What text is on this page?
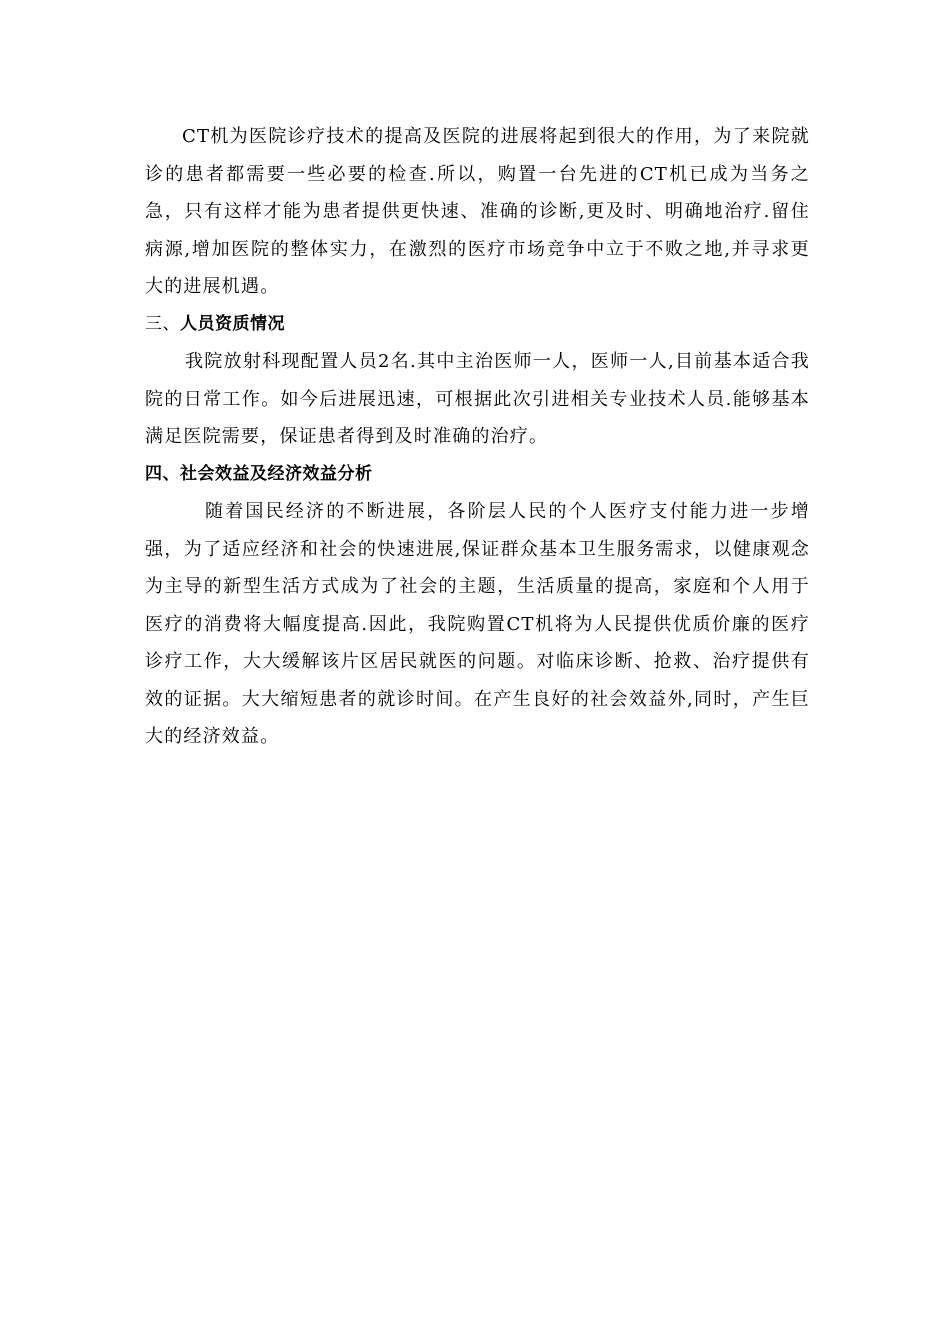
CT机为医院诊疗技术的提高及医院的进展将起到很大的作用，为了来院就诊的患者都需要一些必要的检查.所以，购置一台先进的CT机已成为当务之急，只有这样才能为患者提供更快速、准确的诊断,更及时、明确地治疗.留住病源,增加医院的整体实力，在激烈的医疗市场竞争中立于不败之地,并寻求更大的进展机遇。

三、人员资质情况

我院放射科现配置人员2名.其中主治医师一人，医师一人,目前基本适合我院的日常工作。如今后进展迅速，可根据此次引进相关专业技术人员.能够基本满足医院需要，保证患者得到及时准确的治疗。

四、社会效益及经济效益分析

随着国民经济的不断进展，各阶层人民的个人医疗支付能力进一步增强，为了适应经济和社会的快速进展,保证群众基本卫生服务需求，以健康观念为主导的新型生活方式成为了社会的主题，生活质量的提高，家庭和个人用于医疗的消费将大幅度提高.因此，我院购置CT机将为人民提供优质价廉的医疗诊疗工作，大大缓解该片区居民就医的问题。对临床诊断、抢救、治疗提供有效的证据。大大缩短患者的就诊时间。在产生良好的社会效益外,同时，产生巨大的经济效益。
